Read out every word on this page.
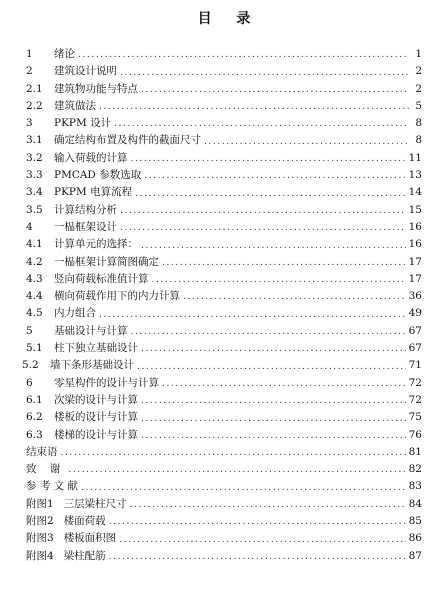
目 录
1	绪论 .....	1
2	建筑设计说明 .....	2
2.1	建筑物功能与特点 .....	2
2.2	建筑做法 .....	5
3	PKPM 设计 .....	8
3.1	确定结构布置及构件的截面尺寸 .....	8
3.2	输入荷载的计算 .....	11
3.3	PMCAD 参数选取 .....	13
3.4	PKPM 电算流程 .....	14
3.5	计算结构分析 .....	15
4	一榀框架设计 .....	16
4.1	计算单元的选择： .....	16
4.2	一榀框架计算简图确定 .....	17
4.3	竖向荷载标准值计算 .....	17
4.4	横向荷载作用下的内力计算 .....	36
4.5	内力组合 .....	49
5	基础设计与计算 .....	67
5.1	柱下独立基础设计 .....	67
5.2	墙下条形基础设计 .....	71
6	零星构件的设计与计算 .....	72
6.1	次梁的设计与计算 .....	72
6.2	楼板的设计与计算 .....	75
6.3	楼梯的设计与计算 .....	76
结束语 .....	81
致 谢 .....	82
参 考 文 献 .....	83
附图1 三层梁柱尺寸 .....	84
附图2 楼面荷载 .....	85
附图3 楼板面积图 .....	86
附图4 梁柱配筋 .....	87
